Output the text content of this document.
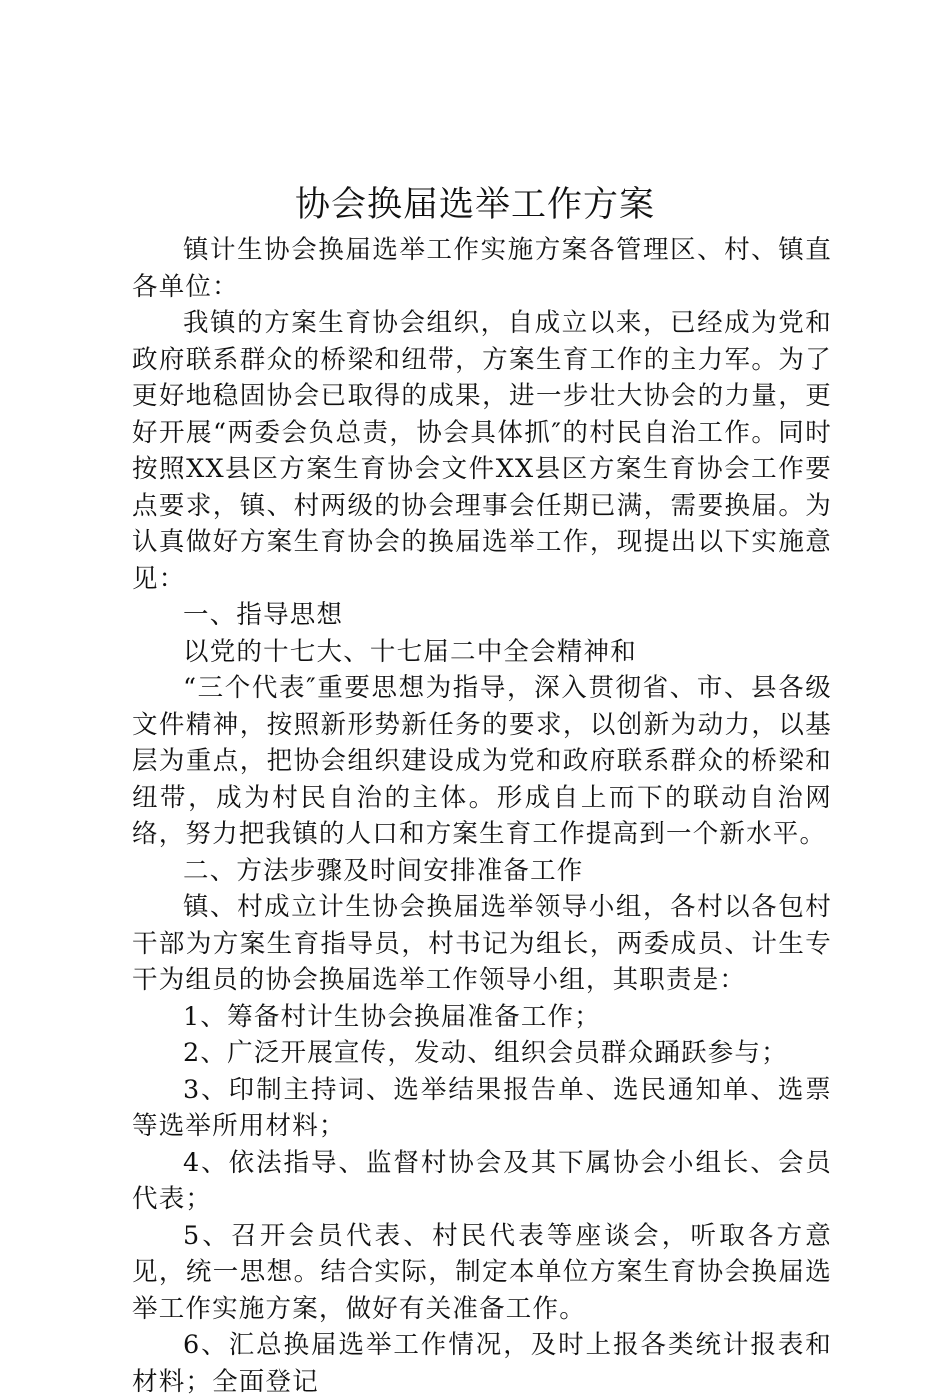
协会换届选举工作方案

镇计生协会换届选举工作实施方案各管理区、村、镇直各单位：

我镇的方案生育协会组织，自成立以来，已经成为党和政府联系群众的桥梁和纽带，方案生育工作的主力军。为了更好地稳固协会已取得的成果，进一步壮大协会的力量，更好开展“两委会负总责，协会具体抓″的村民自治工作。同时按照XX县区方案生育协会文件XX县区方案生育协会工作要点要求，镇、村两级的协会理事会任期已满，需要换届。为认真做好方案生育协会的换届选举工作，现提出以下实施意见：

一、指导思想

以党的十七大、十七届二中全会精神和

“三个代表″重要思想为指导，深入贯彻省、市、县各级文件精神，按照新形势新任务的要求，以创新为动力，以基层为重点，把协会组织建设成为党和政府联系群众的桥梁和纽带，成为村民自治的主体。形成自上而下的联动自治网络，努力把我镇的人口和方案生育工作提高到一个新水平。

二、方法步骤及时间安排准备工作

镇、村成立计生协会换届选举领导小组，各村以各包村干部为方案生育指导员，村书记为组长，两委成员、计生专干为组员的协会换届选举工作领导小组，其职责是：

1、筹备村计生协会换届准备工作；

2、广泛开展宣传，发动、组织会员群众踊跃参与；

3、印制主持词、选举结果报告单、选民通知单、选票等选举所用材料；

4、依法指导、监督村协会及其下属协会小组长、会员代表；

5、召开会员代表、村民代表等座谈会，听取各方意见，统一思想。结合实际，制定本单位方案生育协会换届选举工作实施方案，做好有关准备工作。

6、汇总换届选举工作情况，及时上报各类统计报表和材料；全面登记
